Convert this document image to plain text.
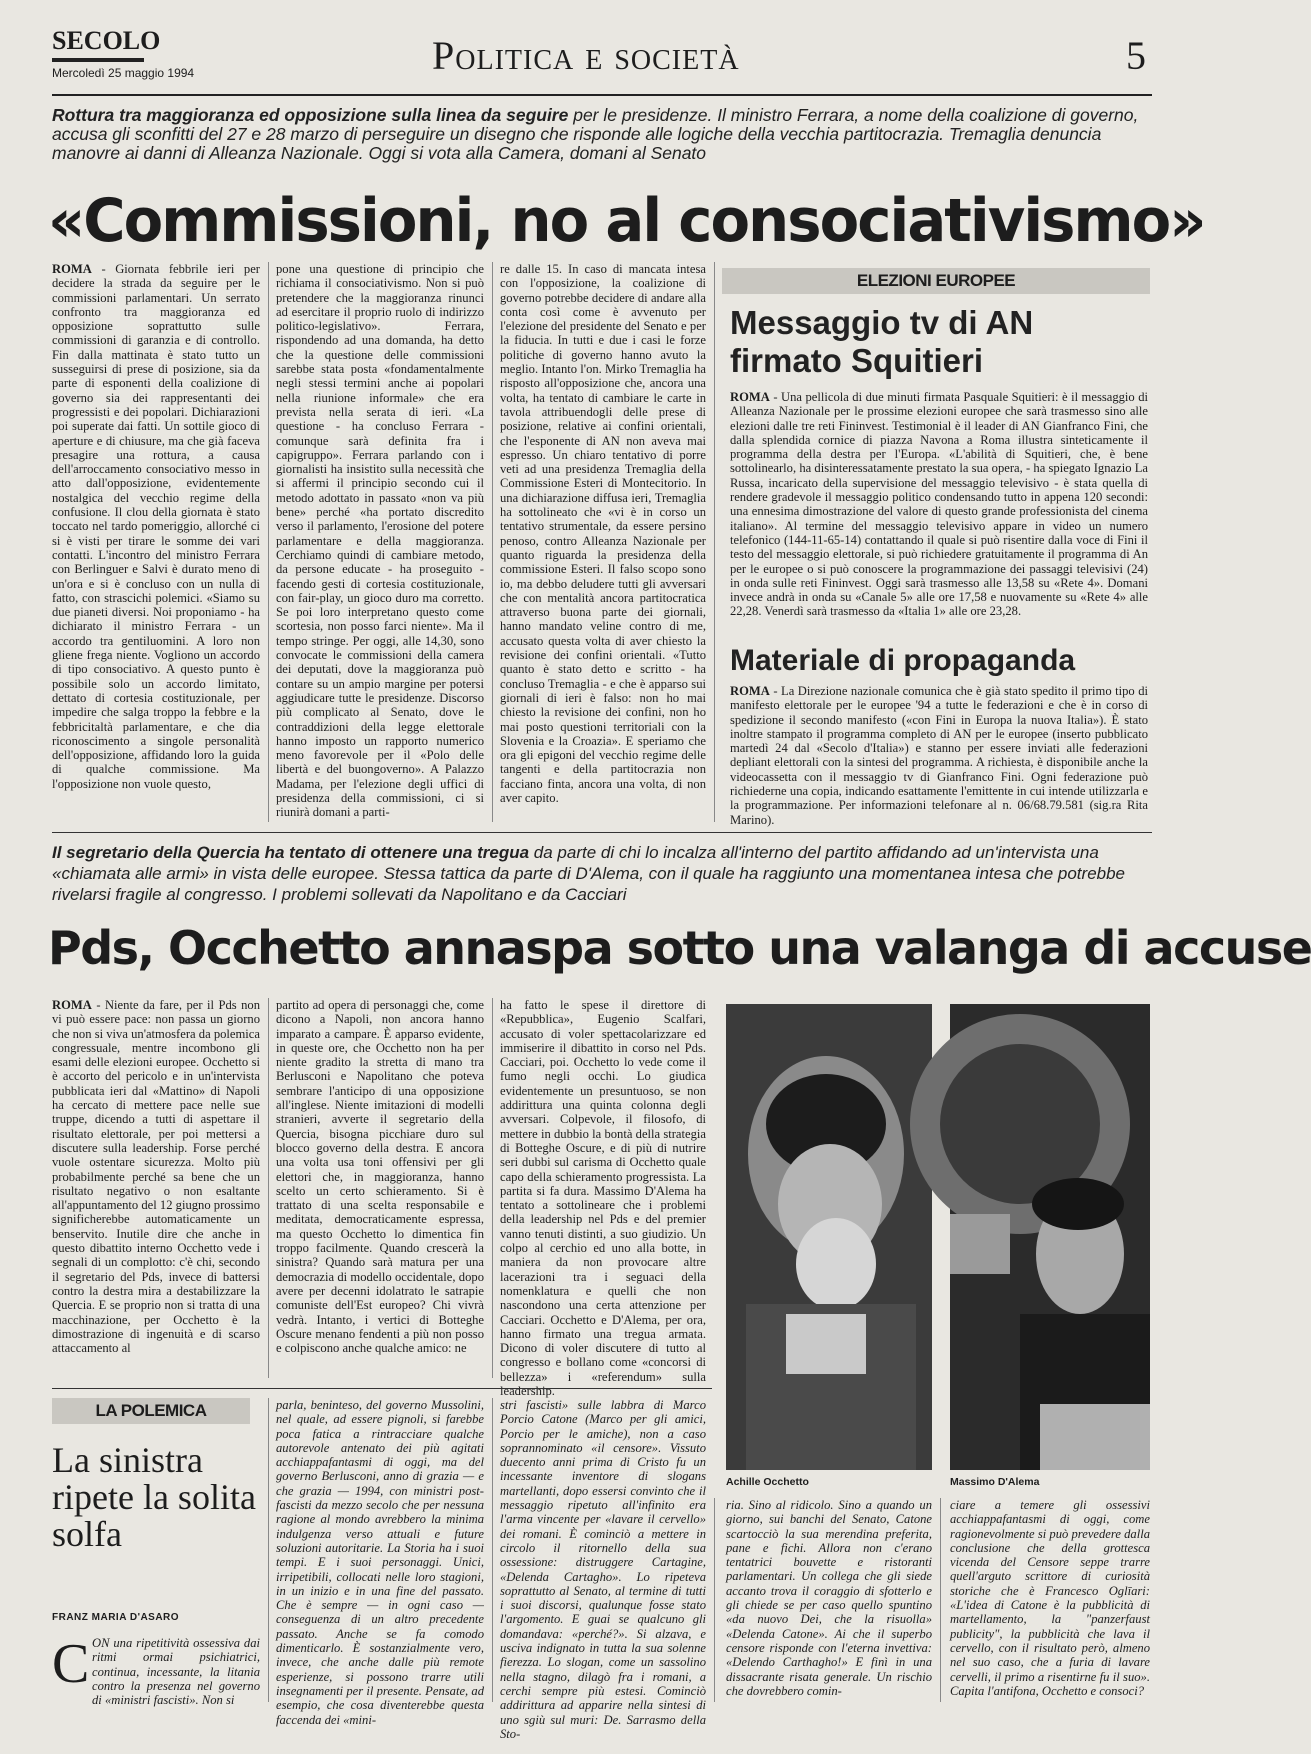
SECOLO
Mercoledì 25 maggio 1994	Politica e società	5
Rottura tra maggioranza ed opposizione sulla linea da seguire per le presidenze. Il ministro Ferrara, a nome della coalizione di governo, accusa gli sconfitti del 27 e 28 marzo di perseguire un disegno che risponde alle logiche della vecchia partitocrazia. Tremaglia denuncia manovre ai danni di Alleanza Nazionale. Oggi si vota alla Camera, domani al Senato
«Commissioni, no al consociativismo»
ROMA - Giornata febbrile ieri per decidere la strada da seguire per le commissioni parlamentari. Un serrato confronto tra maggioranza ed opposizione soprattutto sulle commissioni di garanzia e di controllo. Fin dalla mattinata è stato tutto un susseguirsi di prese di posizione, sia da parte di esponenti della coalizione di governo sia dei rappresentanti dei progressisti e dei popolari. Dichiarazioni poi superate dai fatti. Un sottile gioco di aperture e di chiusure, ma che già faceva presagire una rottura, a causa dell'arroccamento consociativo messo in atto dall'opposizione, evidentemente nostalgica del vecchio regime della confusione. Il clou della giornata è stato toccato nel tardo pomeriggio, allorché ci si è visti per tirare le somme dei vari contatti. L'incontro del ministro Ferrara con Berlinguer e Salvi è durato meno di un'ora e si è concluso con un nulla di fatto, con strascichi polemici. «Siamo su due pianeti diversi. Noi proponiamo - ha dichiarato il ministro Ferrara - un accordo tra gentiluomini. A loro non gliene frega niente. Vogliono un accordo di tipo consociativo. A questo punto è possibile solo un accordo limitato, dettato di cortesia costituzionale, per impedire che salga troppo la febbre e la febbricitaltà parlamentare, e che dia riconoscimento a singole personalità dell'opposizione, affidando loro la guida di qualche commissione. Ma l'opposizione non vuole questo,
pone una questione di principio che richiama il consociativismo. Non si può pretendere che la maggioranza rinunci ad esercitare il proprio ruolo di indirizzo politico-legislativo». Ferrara, rispondendo ad una domanda, ha detto che la questione delle commissioni sarebbe stata posta «fondamentalmente negli stessi termini anche ai popolari nella riunione informale» che era prevista nella serata di ieri. «La questione - ha concluso Ferrara - comunque sarà definita fra i capigruppo». Ferrara parlando con i giornalisti ha insistito sulla necessità che si affermi il principio secondo cui il metodo adottato in passato «non va più bene» perché «ha portato discredito verso il parlamento, l'erosione del potere parlamentare e della maggioranza. Cerchiamo quindi di cambiare metodo, da persone educate - ha proseguito - facendo gesti di cortesia costituzionale, con fair-play, un gioco duro ma corretto. Se poi loro interpretano questo come scortesia, non posso farci niente». Ma il tempo stringe. Per oggi, alle 14,30, sono convocate le commissioni della camera dei deputati, dove la maggioranza può contare su un ampio margine per potersi aggiudicare tutte le presidenze. Discorso più complicato al Senato, dove le contraddizioni della legge elettorale hanno imposto un rapporto numerico meno favorevole per il «Polo delle libertà e del buongoverno». A Palazzo Madama, per l'elezione degli uffici di presidenza della commissioni, ci si riunirà domani a parti-
re dalle 15. In caso di mancata intesa con l'opposizione, la coalizione di governo potrebbe decidere di andare alla conta così come è avvenuto per l'elezione del presidente del Senato e per la fiducia. In tutti e due i casi le forze politiche di governo hanno avuto la meglio. Intanto l'on. Mirko Tremaglia ha risposto all'opposizione che, ancora una volta, ha tentato di cambiare le carte in tavola attribuendogli delle prese di posizione, relative ai confini orientali, che l'esponente di AN non aveva mai espresso. Un chiaro tentativo di porre veti ad una presidenza Tremaglia della Commissione Esteri di Montecitorio. In una dichiarazione diffusa ieri, Tremaglia ha sottolineato che «vi è in corso un tentativo strumentale, da essere persino penoso, contro Alleanza Nazionale per quanto riguarda la presidenza della commissione Esteri. Il falso scopo sono io, ma debbo deludere tutti gli avversari che con mentalità ancora partitocratica attraverso buona parte dei giornali, hanno mandato veline contro di me, accusato questa volta di aver chiesto la revisione dei confini orientali. «Tutto quanto è stato detto e scritto - ha concluso Tremaglia - e che è apparso sui giornali di ieri è falso: non ho mai chiesto la revisione dei confini, non ho mai posto questioni territoriali con la Slovenia e la Croazia». E speriamo che ora gli epigoni del vecchio regime delle tangenti e della partitocrazia non facciano finta, ancora una volta, di non aver capito.
ELEZIONI EUROPEE
Messaggio tv di AN firmato Squitieri
ROMA - Una pellicola di due minuti firmata Pasquale Squitieri: è il messaggio di Alleanza Nazionale per le prossime elezioni europee che sarà trasmesso sino alle elezioni dalle tre reti Fininvest. Testimonial è il leader di AN Gianfranco Fini, che dalla splendida cornice di piazza Navona a Roma illustra sinteticamente il programma della destra per l'Europa. «L'abilità di Squitieri, che, è bene sottolinearlo, ha disinteressatamente prestato la sua opera, - ha spiegato Ignazio La Russa, incaricato della supervisione del messaggio televisivo - è stata quella di rendere gradevole il messaggio politico condensando tutto in appena 120 secondi: una ennesima dimostrazione del valore di questo grande professionista del cinema italiano». Al termine del messaggio televisivo appare in video un numero telefonico (144-11-65-14) contattando il quale si può risentire dalla voce di Fini il testo del messaggio elettorale, si può richiedere gratuitamente il programma di An per le europee o si può conoscere la programmazione dei passaggi televisivi (24) in onda sulle reti Fininvest. Oggi sarà trasmesso alle 13,58 su «Rete 4». Domani invece andrà in onda su «Canale 5» alle ore 17,58 e nuovamente su «Rete 4» alle 22,28. Venerdì sarà trasmesso da «Italia 1» alle ore 23,28.
Materiale di propaganda
ROMA - La Direzione nazionale comunica che è già stato spedito il primo tipo di manifesto elettorale per le europee '94 a tutte le federazioni e che è in corso di spedizione il secondo manifesto («con Fini in Europa la nuova Italia»). È stato inoltre stampato il programma completo di AN per le europee (inserto pubblicato martedì 24 dal «Secolo d'Italia») e stanno per essere inviati alle federazioni depliant elettorali con la sintesi del programma. A richiesta, è disponibile anche la videocassetta con il messaggio tv di Gianfranco Fini. Ogni federazione può richiederne una copia, indicando esattamente l'emittente in cui intende utilizzarla e la programmazione. Per informazioni telefonare al n. 06/68.79.581 (sig.ra Rita Marino).
Il segretario della Quercia ha tentato di ottenere una tregua da parte di chi lo incalza all'interno del partito affidando ad un'intervista una «chiamata alle armi» in vista delle europee. Stessa tattica da parte di D'Alema, con il quale ha raggiunto una momentanea intesa che potrebbe rivelarsi fragile al congresso. I problemi sollevati da Napolitano e da Cacciari
Pds, Occhetto annaspa sotto una valanga di accuse
ROMA - Niente da fare, per il Pds non vi può essere pace: non passa un giorno che non si viva un'atmosfera da polemica congressuale, mentre incombono gli esami delle elezioni europee. Occhetto si è accorto del pericolo e in un'intervista pubblicata ieri dal «Mattino» di Napoli ha cercato di mettere pace nelle sue truppe, dicendo a tutti di aspettare il risultato elettorale, per poi mettersi a discutere sulla leadership. Forse perché vuole ostentare sicurezza. Molto più probabilmente perché sa bene che un risultato negativo o non esaltante all'appuntamento del 12 giugno prossimo significherebbe automaticamente un benservito. Inutile dire che anche in questo dibattito interno Occhetto vede i segnali di un complotto: c'è chi, secondo il segretario del Pds, invece di battersi contro la destra mira a destabilizzare la Quercia. E se proprio non si tratta di una macchinazione, per Occhetto è la dimostrazione di ingenuità e di scarso attaccamento al
partito ad opera di personaggi che, come dicono a Napoli, non ancora hanno imparato a campare. È apparso evidente, in queste ore, che Occhetto non ha per niente gradito la stretta di mano tra Berlusconi e Napolitano che poteva sembrare l'anticipo di una opposizione all'inglese. Niente imitazioni di modelli stranieri, avverte il segretario della Quercia, bisogna picchiare duro sul blocco governo della destra. E ancora una volta usa toni offensivi per gli elettori che, in maggioranza, hanno scelto un certo schieramento. Si è trattato di una scelta responsabile e meditata, democraticamente espressa, ma questo Occhetto lo dimentica fin troppo facilmente. Quando crescerà la sinistra? Quando sarà matura per una democrazia di modello occidentale, dopo avere per decenni idolatrato le satrapie comuniste dell'Est europeo? Chi vivrà vedrà. Intanto, i vertici di Botteghe Oscure menano fendenti a più non posso e colpiscono anche qualche amico: ne
ha fatto le spese il direttore di «Repubblica», Eugenio Scalfari, accusato di voler spettacolarizzare ed immiserire il dibattito in corso nel Pds. Cacciari, poi. Occhetto lo vede come il fumo negli occhi. Lo giudica evidentemente un presuntuoso, se non addirittura una quinta colonna degli avversari. Colpevole, il filosofo, di mettere in dubbio la bontà della strategia di Botteghe Oscure, e di più di nutrire seri dubbi sul carisma di Occhetto quale capo della schieramento progressista. La partita si fa dura. Massimo D'Alema ha tentato a sottolineare che i problemi della leadership nel Pds e del premier vanno tenuti distinti, a suo giudizio. Un colpo al cerchio ed uno alla botte, in maniera da non provocare altre lacerazioni tra i seguaci della nomenklatura e quelli che non nascondono una certa attenzione per Cacciari. Occhetto e D'Alema, per ora, hanno firmato una tregua armata. Dicono di voler discutere di tutto al congresso e bollano come «concorsi di bellezza» i «referendum» sulla leadership.
Achille Occhetto	Massimo D'Alema
LA POLEMICA
La sinistra ripete la solita solfa
FRANZ MARIA D'ASARO
C ON una ripetitività ossessiva dai ritmi ormai psichiatrici, continua, incessante, la litania contro la presenza nel governo di «ministri fascisti». Non si
parla, beninteso, del governo Mussolini, nel quale, ad essere pignoli, si farebbe poca fatica a rintracciare qualche autorevole antenato dei più agitati acchiappafantasmi di oggi, ma del governo Berlusconi, anno di grazia — e che grazia — 1994, con ministri post-fascisti da mezzo secolo che per nessuna ragione al mondo avrebbero la minima indulgenza verso attuali e future soluzioni autoritarie. La Storia ha i suoi tempi. E i suoi personaggi. Unici, irripetibili, collocati nelle loro stagioni, in un inizio e in una fine del passato. Che è sempre — in ogni caso — conseguenza di un altro precedente passato. Anche se fa comodo dimenticarlo. È sostanzialmente vero, invece, che anche dalle più remote esperienze, si possono trarre utili insegnamenti per il presente. Pensate, ad esempio, che cosa diventerebbe questa faccenda dei «mini-
stri fascisti» sulle labbra di Marco Porcio Catone (Marco per gli amici, Porcio per le amiche), non a caso soprannominato «il censore». Vissuto duecento anni prima di Cristo fu un incessante inventore di slogans martellanti, dopo essersi convinto che il messaggio ripetuto all'infinito era l'arma vincente per «lavare il cervello» dei romani. È cominciò a mettere in circolo il ritornello della sua ossessione: distruggere Cartagine, «Delenda Cartagho». Lo ripeteva soprattutto al Senato, al termine di tutti i suoi discorsi, qualunque fosse stato l'argomento. E guai se qualcuno gli domandava: «perché?». Si alzava, e usciva indignato in tutta la sua solenne fierezza. Lo slogan, come un sassolino nella stagno, dilagò fra i romani, a cerchi sempre più estesi. Cominciò addirittura ad apparire nella sintesi di uno sgiù sul muri: De. Sarrasmo della Sto-
ria. Sino al ridicolo. Sino a quando un giorno, sui banchi del Senato, Catone scartocciò la sua merendina preferita, pane e fichi. Allora non c'erano tentatrici bouvette e ristoranti parlamentari. Un collega che gli siede accanto trova il coraggio di sfotterlo e gli chiede se per caso quello spuntino «da nuovo Dei, che la risuolla» «Delenda Catone». Ai che il superbo censore risponde con l'eterna invettiva: «Delendo Carthagho!» E finì in una dissacrante risata generale. Un rischio che dovrebbero comin-
ciare a temere gli ossessivi acchiappafantasmi di oggi, come ragionevolmente si può prevedere dalla conclusione che della grottesca vicenda del Censore seppe trarre quell'arguto scrittore di curiosità storiche che è Francesco Oglīari: «L'idea di Catone è la pubblicità di martellamento, la "panzerfaust publicity", la pubblicità che lava il cervello, con il risultato però, almeno nel suo caso, che a furia di lavare cervelli, il primo a risentirne fu il suo». Capita l'antifona, Occhetto e consoci?
